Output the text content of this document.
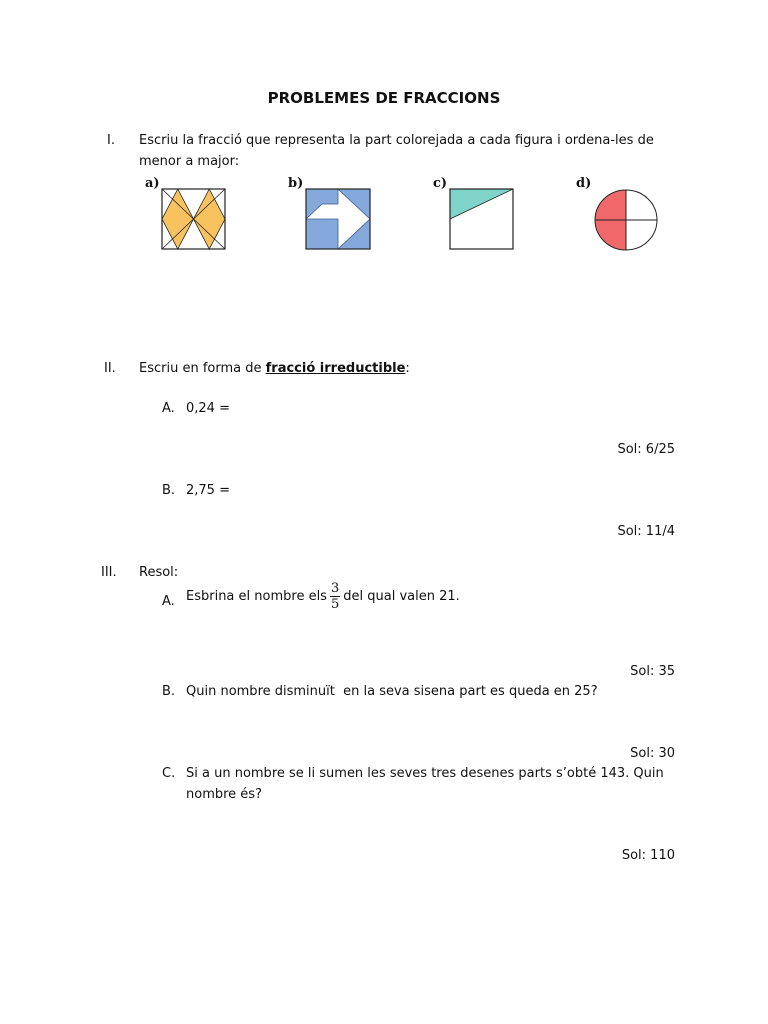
PROBLEMES DE FRACCIONS
I. Escriu la fracció que representa la part colorejada a cada figura i ordena-les de
menor a major:
a)	b)	c)	d)
II. Escriu en forma de fracció irreductible:
A. 0,24 =
Sol: 6/25
B. 2,75 =
Sol: 11/4
III. Resol:
A. Esbrina el nombre els $\frac{3}{5}$ del qual valen 21.
Sol: 35
B. Quin nombre disminuït  en la seva sisena part es queda en 25?
Sol: 30
C. Si a un nombre se li sumen les seves tres desenes parts s’obté 143. Quin
nombre és?
Sol: 110
